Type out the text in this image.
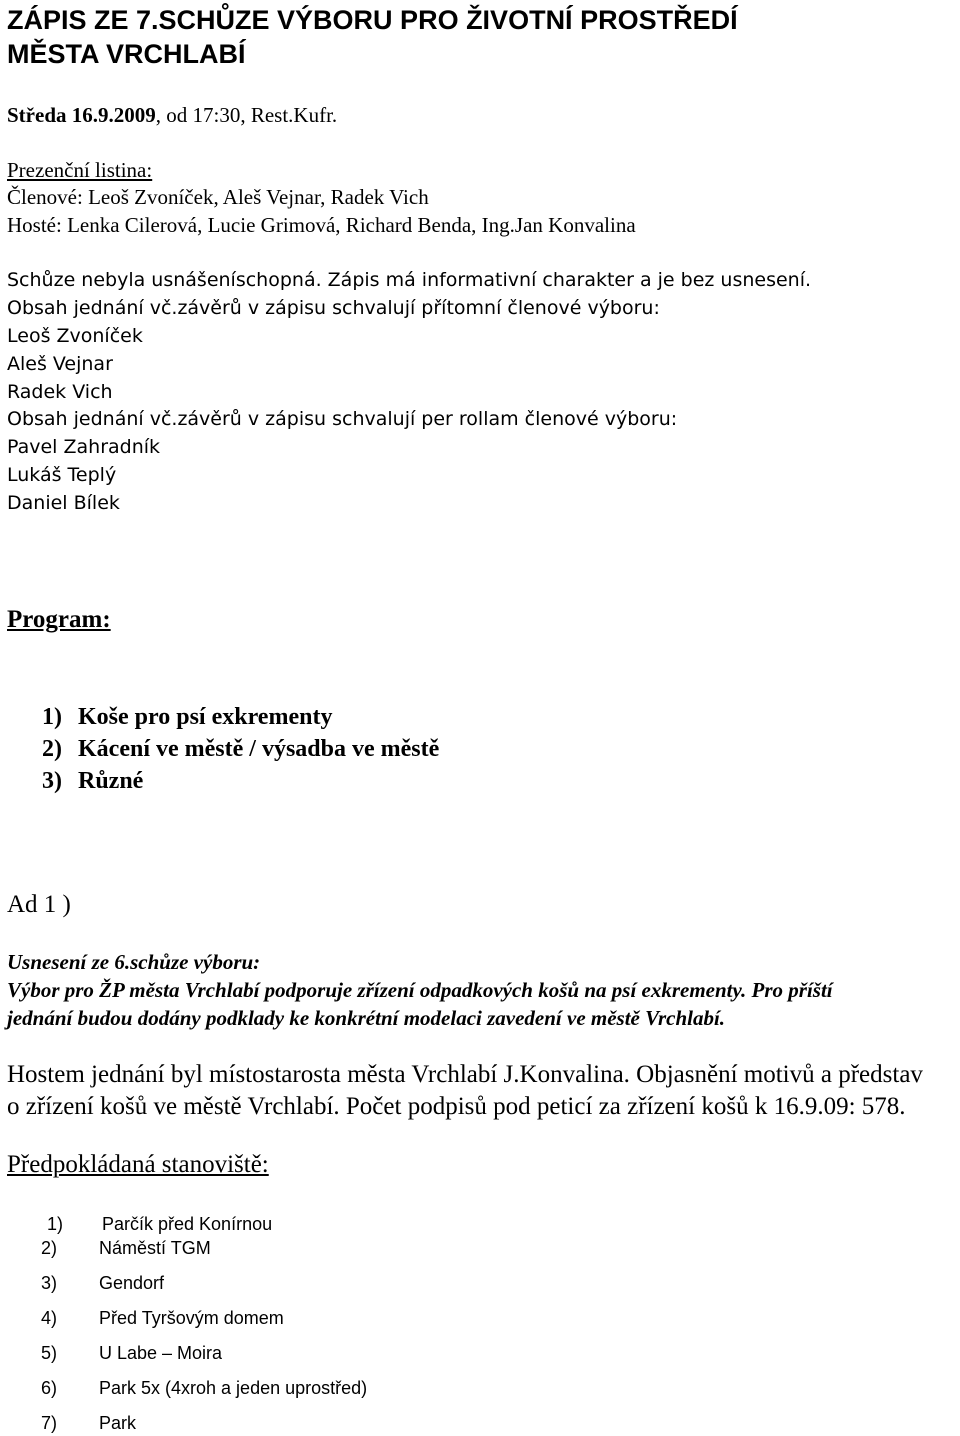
ZÁPIS ZE 7.SCHŮZE VÝBORU PRO ŽIVOTNÍ PROSTŘEDÍ
MĚSTA VRCHLABÍ
Středa 16.9.2009, od 17:30, Rest.Kufr.
Prezenční listina:
Členové: Leoš Zvoníček, Aleš Vejnar, Radek Vich
Hosté: Lenka Cilerová, Lucie Grimová, Richard Benda, Ing.Jan Konvalina
Schůze nebyla usnášeníschopná. Zápis má informativní charakter a je bez usnesení.
Obsah jednání vč.závěrů v zápisu schvalují přítomní členové výboru:
Leoš Zvoníček
Aleš Vejnar
Radek Vich
Obsah jednání vč.závěrů v zápisu schvalují per rollam členové výboru:
Pavel Zahradník
Lukáš Teplý
Daniel Bílek
Program:
1) Koše pro psí exkrementy
2) Kácení ve městě / výsadba ve městě
3) Různé
Ad 1 )
Usnesení ze 6.schůze výboru:
Výbor pro ŽP města Vrchlabí podporuje zřízení odpadkových košů na psí exkrementy. Pro příští
jednání budou dodány podklady ke konkrétní modelaci zavedení ve městě Vrchlabí.
Hostem jednání byl místostarosta města Vrchlabí J.Konvalina. Objasnění motivů a představ
o zřízení košů ve městě Vrchlabí. Počet podpisů pod peticí za zřízení košů k 16.9.09: 578.
Předpokládaná stanoviště:
1) Parčík před Konírnou
2) Náměstí TGM
3) Gendorf
4) Před Tyršovým domem
5) U Labe – Moira
6) Park 5x (4xroh a jeden uprostřed)
7) Park
